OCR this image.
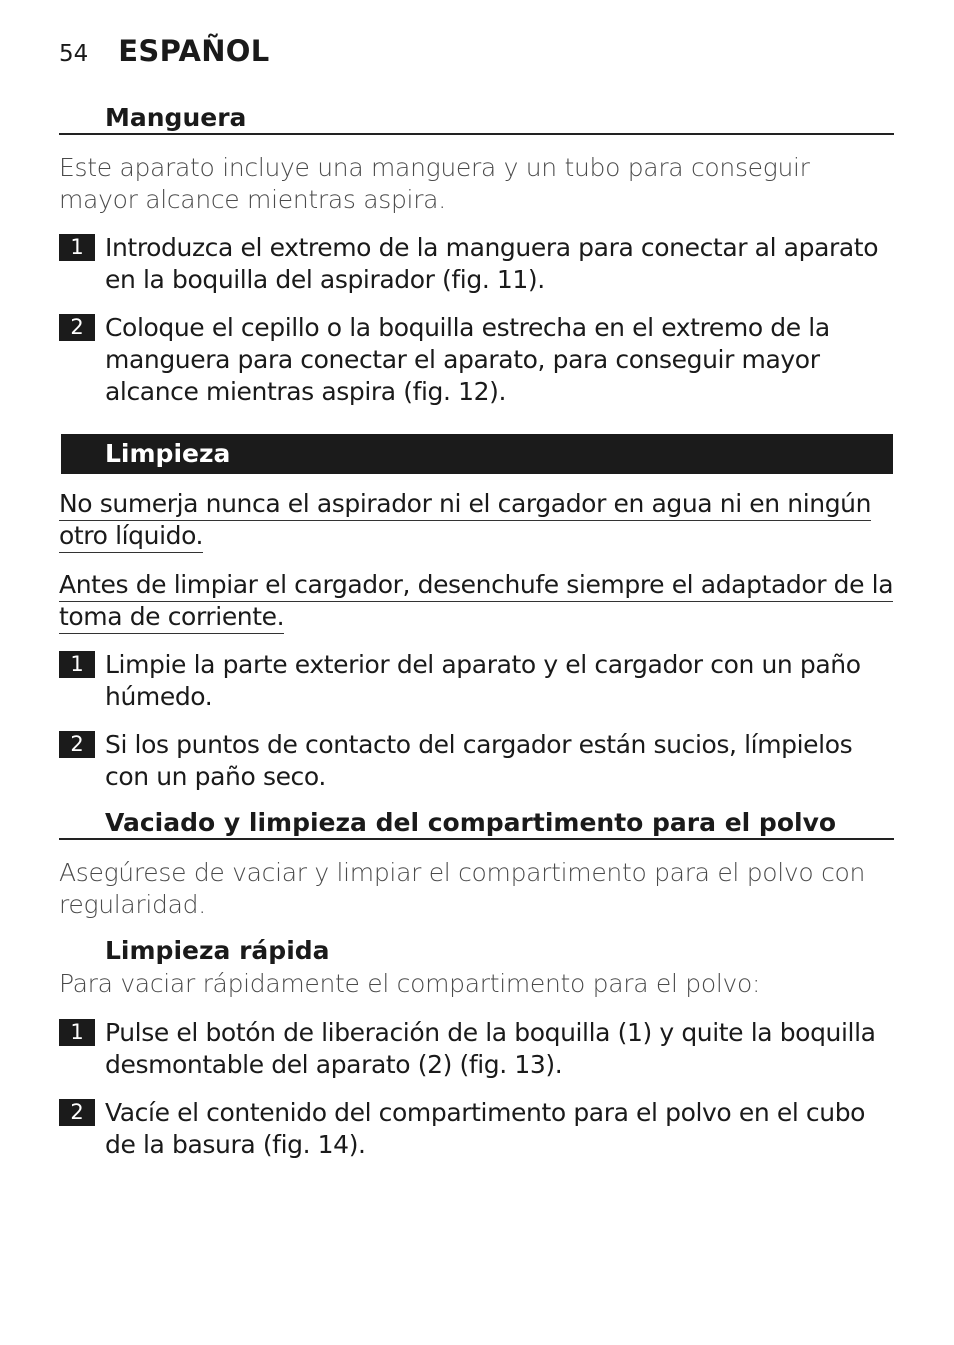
54 ESPAÑOL
Manguera
Este aparato incluye una manguera y un tubo para conseguir mayor alcance mientras aspira.
1 Introduzca el extremo de la manguera para conectar al aparato en la boquilla del aspirador (fig. 11).
2 Coloque el cepillo o la boquilla estrecha en el extremo de la manguera para conectar el aparato, para conseguir mayor alcance mientras aspira (fig. 12).
Limpieza
No sumerja nunca el aspirador ni el cargador en agua ni en ningún otro líquido.
Antes de limpiar el cargador, desenchufe siempre el adaptador de la toma de corriente.
1 Limpie la parte exterior del aparato y el cargador con un paño húmedo.
2 Si los puntos de contacto del cargador están sucios, límpielos con un paño seco.
Vaciado y limpieza del compartimento para el polvo
Asegúrese de vaciar y limpiar el compartimento para el polvo con regularidad.
Limpieza rápida
Para vaciar rápidamente el compartimento para el polvo:
1 Pulse el botón de liberación de la boquilla (1) y quite la boquilla desmontable del aparato (2) (fig. 13).
2 Vacíe el contenido del compartimento para el polvo en el cubo de la basura (fig. 14).
